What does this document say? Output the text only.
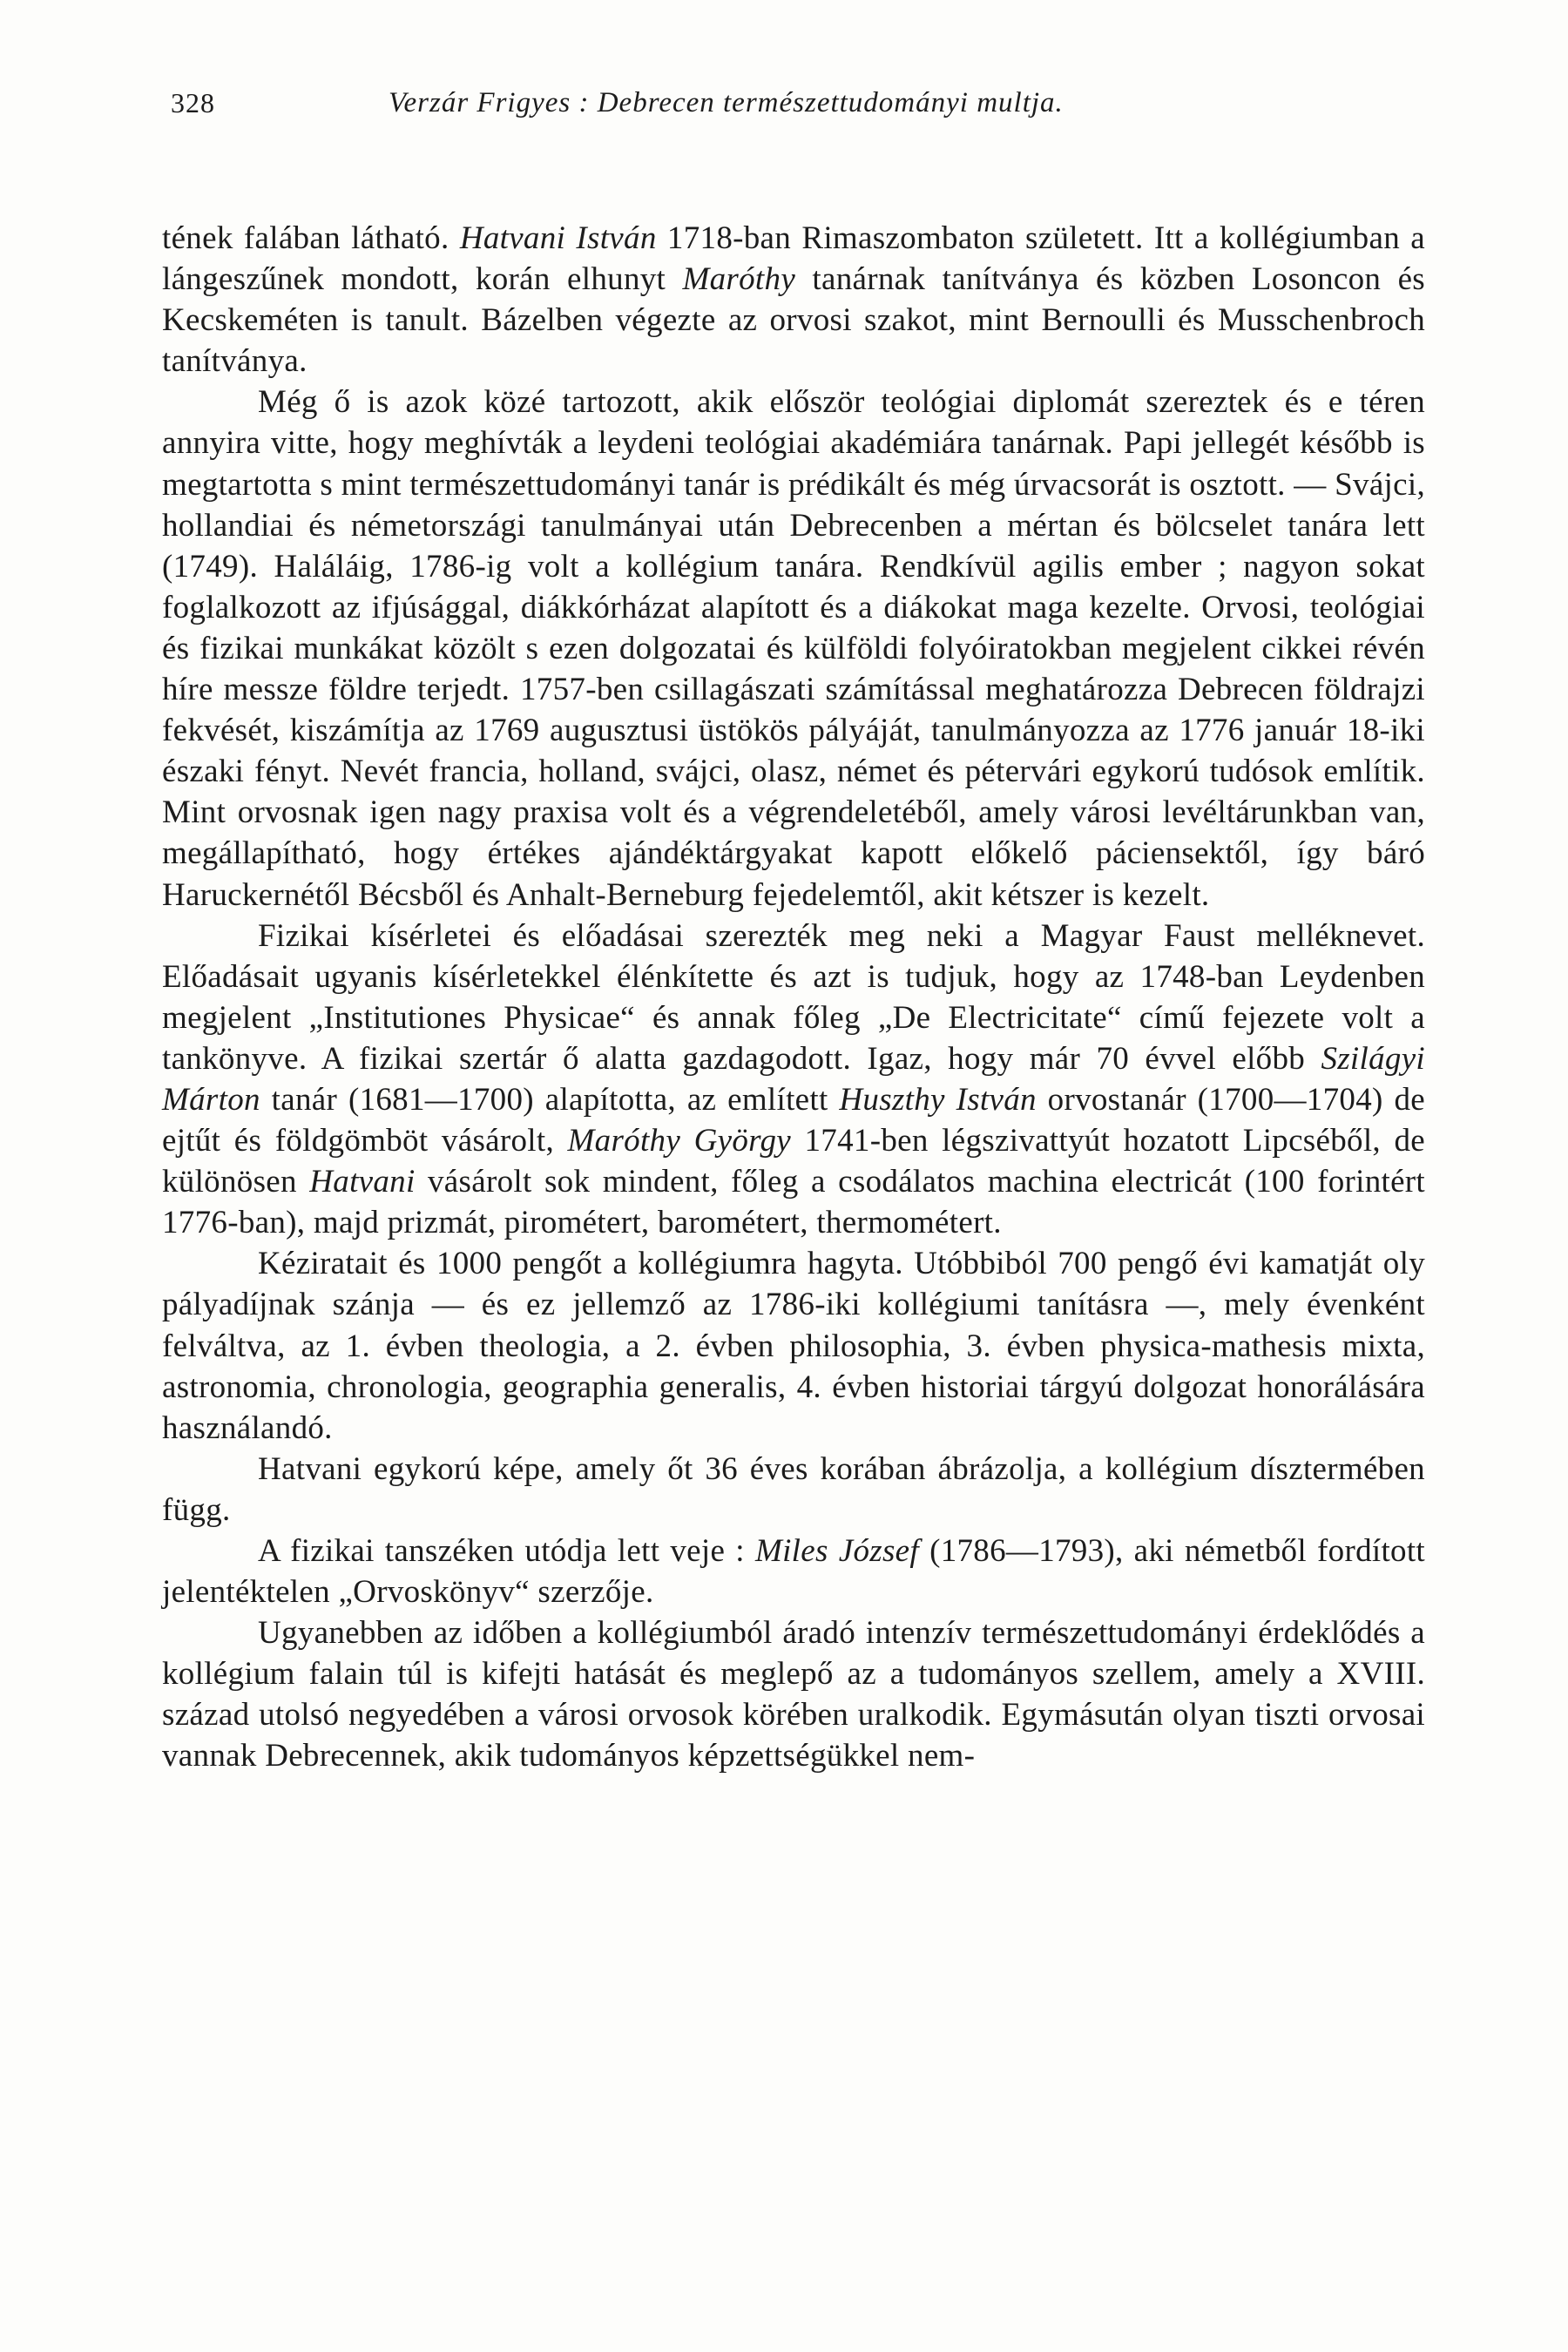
328	Verzár Frigyes : Debrecen természettudományi multja.

tének falában látható. Hatvani István 1718-ban Rimaszombaton született. Itt a kollégiumban a lángeszűnek mondott, korán elhunyt Maróthy tanárnak tanítványa és közben Losoncon és Kecskeméten is tanult. Bázelben végezte az orvosi szakot, mint Bernoulli és Musschenbroch tanítványa.

Még ő is azok közé tartozott, akik először teológiai diplomát szereztek és e téren annyira vitte, hogy meghívták a leydeni teológiai akadémiára tanárnak. Papi jellegét később is megtartotta s mint természettudományi tanár is prédikált és még úrvacsorát is osztott. — Svájci, hollandiai és németországi tanulmányai után Debrecenben a mértan és bölcselet tanára lett (1749). Haláláig, 1786-ig volt a kollégium tanára. Rendkívül agilis ember ; nagyon sokat foglalkozott az ifjúsággal, diákkórházat alapított és a diákokat maga kezelte. Orvosi, teológiai és fizikai munkákat közölt s ezen dolgozatai és külföldi folyóiratokban megjelent cikkei révén híre messze földre terjedt. 1757-ben csillagászati számítással meghatározza Debrecen földrajzi fekvését, kiszámítja az 1769 augusztusi üstökös pályáját, tanulmányozza az 1776 január 18-iki északi fényt. Nevét francia, holland, svájci, olasz, német és pétervári egykorú tudósok említik. Mint orvosnak igen nagy praxisa volt és a végrendeletéből, amely városi levéltárunkban van, megállapítható, hogy értékes ajándéktárgyakat kapott előkelő páciensektől, így báró Haruckernétől Bécsből és Anhalt-Berneburg fejedelemtől, akit kétszer is kezelt.

Fizikai kísérletei és előadásai szerezték meg neki a Magyar Faust melléknevet. Előadásait ugyanis kísérletekkel élénkítette és azt is tudjuk, hogy az 1748-ban Leydenben megjelent „Institutiones Physicae“ és annak főleg „De Electricitate“ című fejezete volt a tankönyve. A fizikai szertár ő alatta gazdagodott. Igaz, hogy már 70 évvel előbb Szilágyi Márton tanár (1681—1700) alapította, az említett Huszthy István orvostanár (1700—1704) de ejtűt és földgömböt vásárolt, Maróthy György 1741-ben légszivattyút hozatott Lipcséből, de különösen Hatvani vásárolt sok mindent, főleg a csodálatos machina electricát (100 forintért 1776-ban), majd prizmát, pirométert, barométert, thermométert.

Kéziratait és 1000 pengőt a kollégiumra hagyta. Utóbbiból 700 pengő évi kamatját oly pályadíjnak szánja — és ez jellemző az 1786-iki kollégiumi tanításra —, mely évenként felváltva, az 1. évben theologia, a 2. évben philosophia, 3. évben physica-mathesis mixta, astronomia, chronologia, geographia generalis, 4. évben historiai tárgyú dolgozat honorálására használandó.

Hatvani egykorú képe, amely őt 36 éves korában ábrázolja, a kollégium dísztermében függ.

A fizikai tanszéken utódja lett veje : Miles József (1786—1793), aki németből fordított jelentéktelen „Orvoskönyv“ szerzője.

Ugyanebben az időben a kollégiumból áradó intenzív természettudományi érdeklődés a kollégium falain túl is kifejti hatását és meglepő az a tudományos szellem, amely a XVIII. század utolsó negyedében a városi orvosok körében uralkodik. Egymásután olyan tiszti orvosai vannak Debrecennek, akik tudományos képzettségükkel nem-
